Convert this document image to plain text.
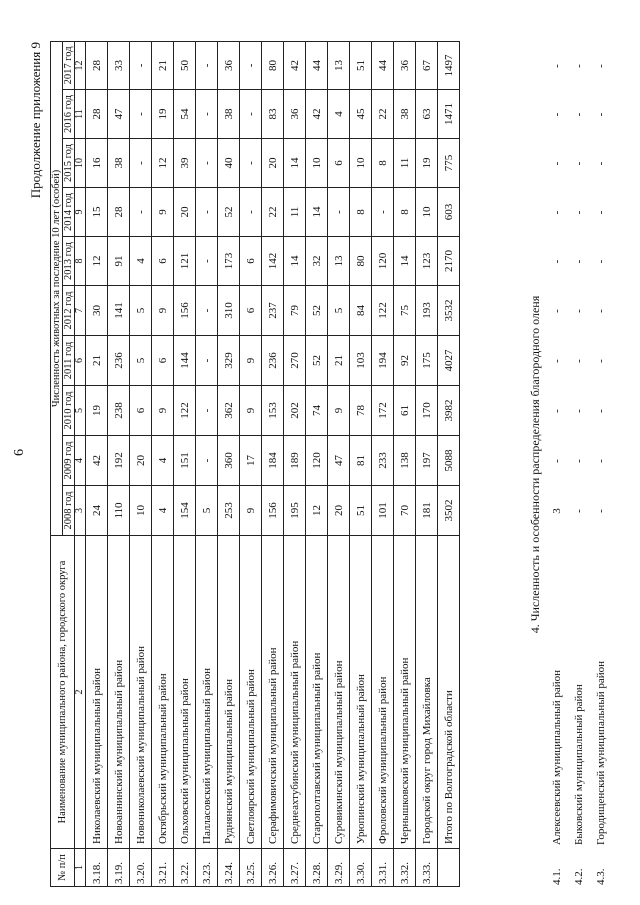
6
Продолжение приложения 9
№ п/п	Наименование муниципального района, городского округа	Численность животных за последние 10 лет (особей)									
		2008 год	2009 год	2010 год	2011 год	2012 год	2013 год	2014 год	2015 год	2016 год	2017 год
1	2	3	4	5	6	7	8	9	10	11	12
3.18.	Николаевский муниципальный район	24	42	19	21	30	12	15	16	28	28
3.19.	Новоаннинский муниципальный район	110	192	238	236	141	91	28	38	47	33
3.20.	Новониколаевский муниципальный район	10	20	6	5	5	4	-	-	-	-
3.21.	Октябрьский муниципальный район	4	4	9	6	9	6	9	12	19	21
3.22.	Ольховский муниципальный район	154	151	122	144	156	121	20	39	54	50
3.23.	Палласовский муниципальный район	5	-	-	-	-	-	-	-	-	-
3.24.	Руднянский муниципальный район	253	360	362	329	310	173	52	40	38	36
3.25.	Светлоярский муниципальный район	9	17	9	9	6	6	-	-	-	-
3.26.	Серафимовичский муниципальный район	156	184	153	236	237	142	22	20	83	80
3.27.	Среднеахтубинский муниципальный район	195	189	202	270	79	14	11	14	36	42
3.28.	Старополтавский муниципальный район	12	120	74	52	52	32	14	10	42	44
3.29.	Суровикинский муниципальный район	20	47	9	21	5	13	-	6	4	13
3.30.	Урюпинский муниципальный район	51	81	78	103	84	80	8	10	45	51
3.31.	Фроловский муниципальный район	101	233	172	194	122	120	-	8	22	44
3.32.	Чернышковский муниципальный район	70	138	61	92	75	14	8	11	38	36
3.33.	Городской округ город Михайловка	181	197	170	175	193	123	10	19	63	67
	Итого по Волгоградской области	3502	5088	3982	4027	3532	2170	603	775	1471	1497
4. Численность и особенности распределения благородного оленя
4.1.	Алексеевский муниципальный район	3	-	-	-	-	-	-	-	-	-
4.2.	Быковский муниципальный район	-	-	-	-	-	-	-	-	-	-
4.3.	Городищенский муниципальный район	-	-	-	-	-	-	-	-	-	-
